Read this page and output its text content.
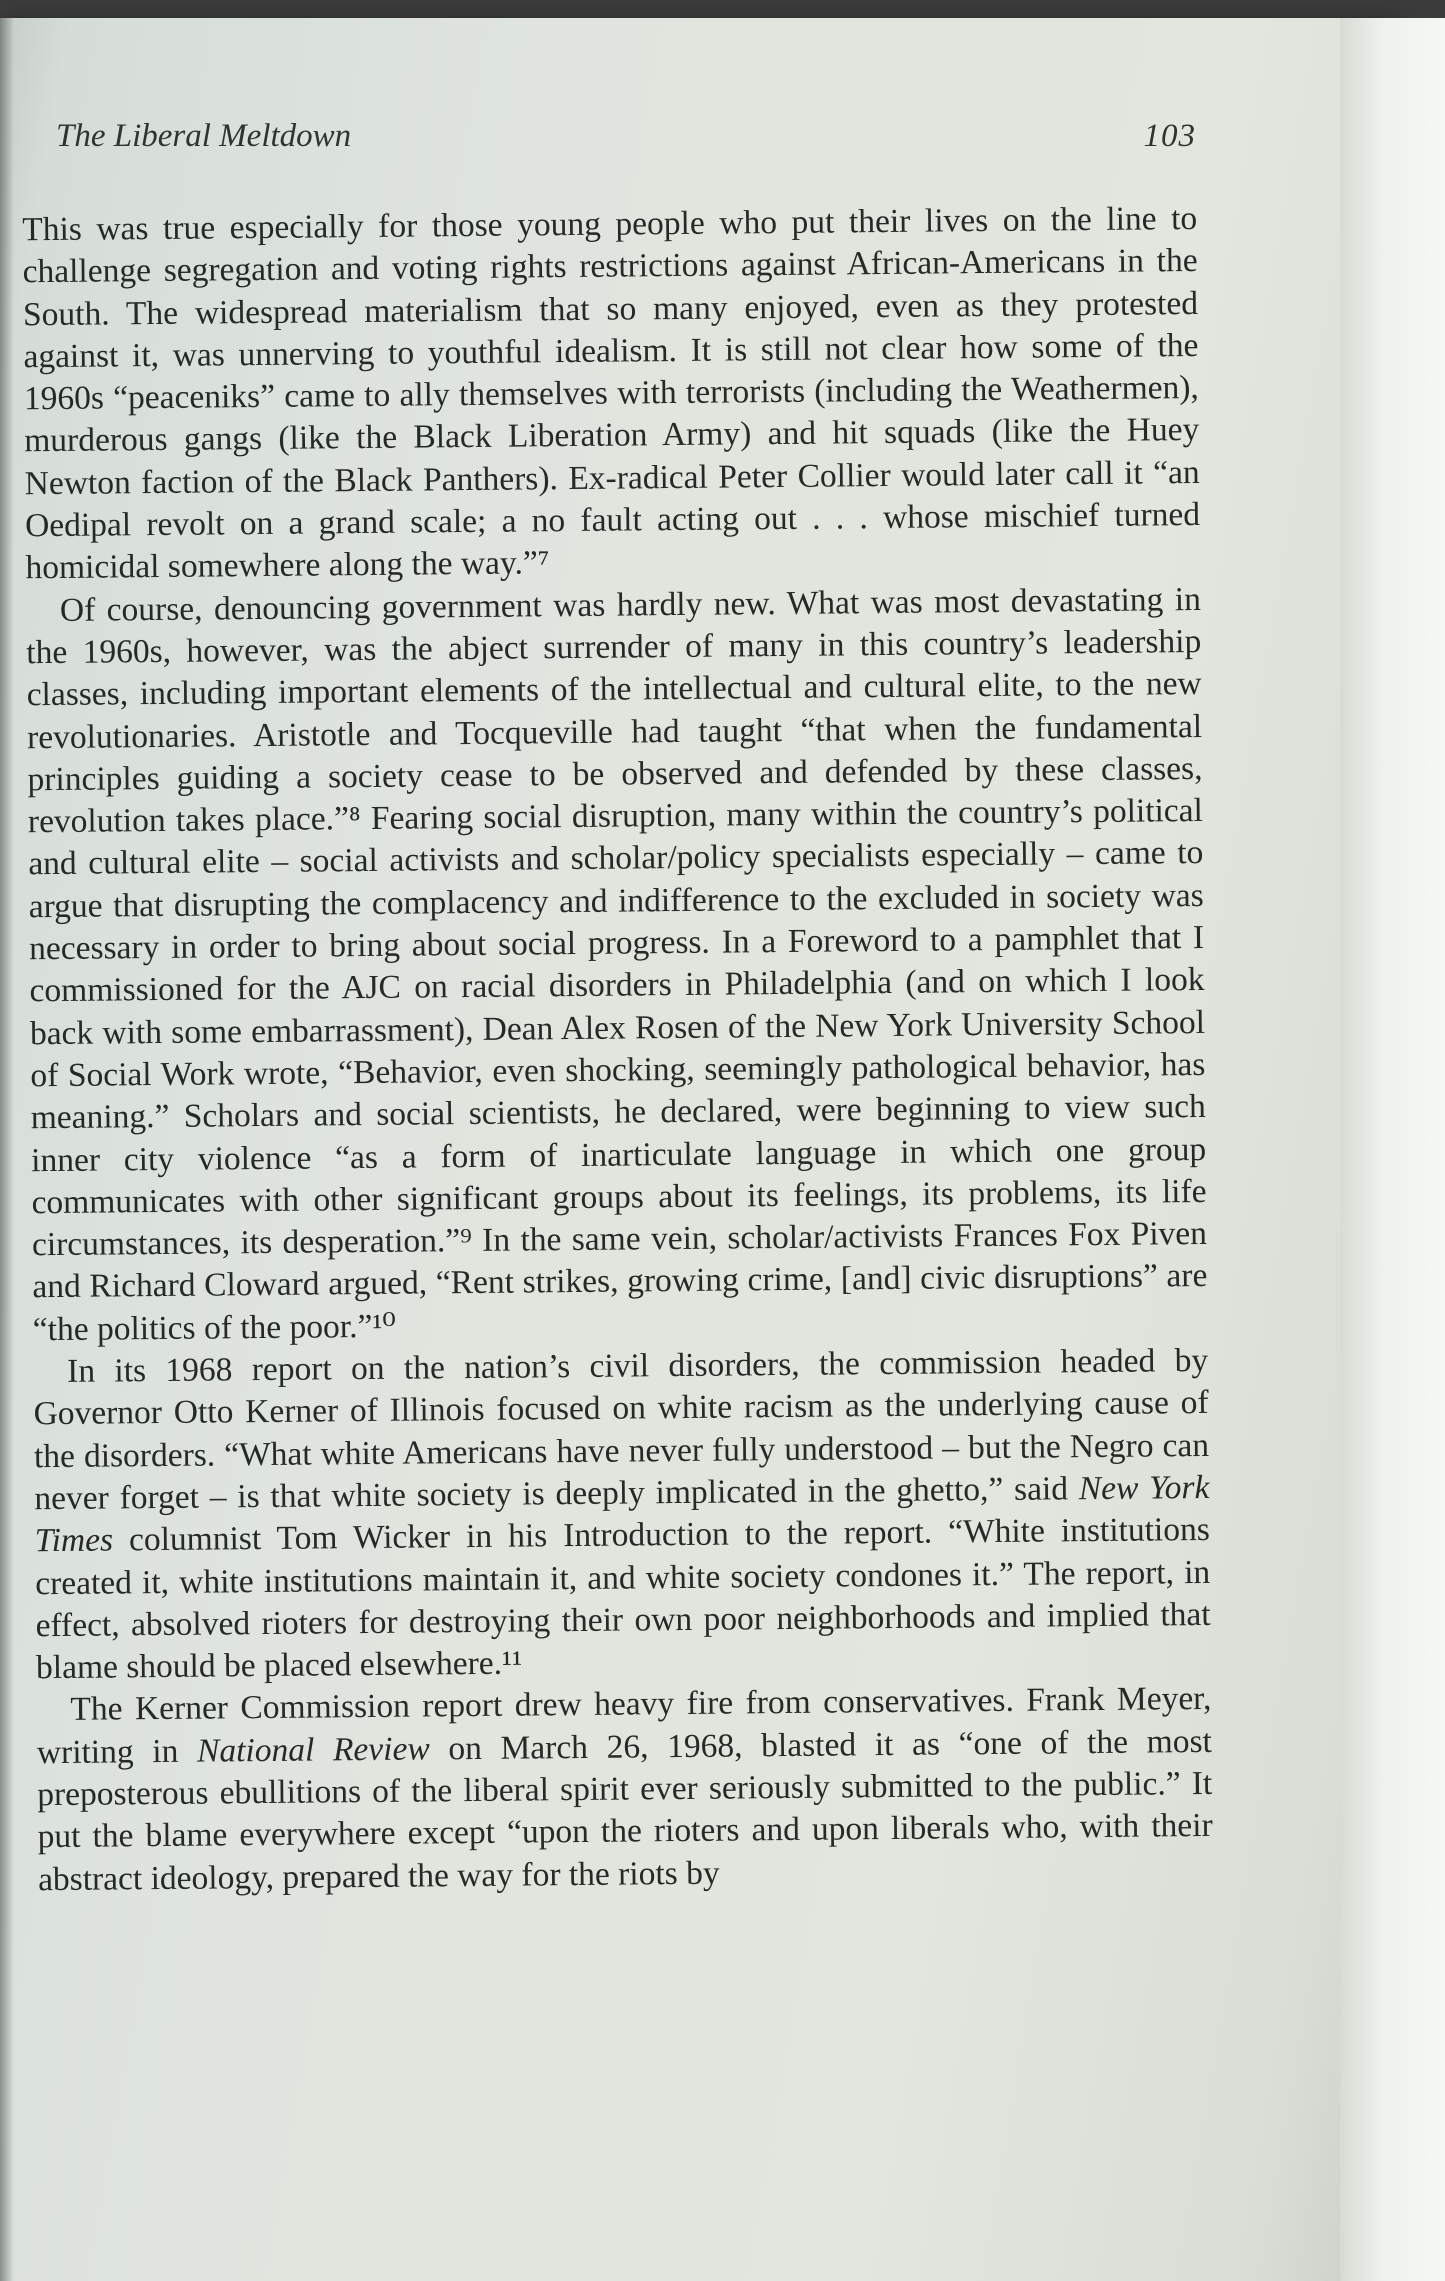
The Liberal Meltdown	103

This was true especially for those young people who put their lives on the line to challenge segregation and voting rights restrictions against African-Americans in the South. The widespread materialism that so many enjoyed, even as they protested against it, was unnerving to youthful idealism. It is still not clear how some of the 1960s “peaceniks” came to ally themselves with terrorists (including the Weathermen), murderous gangs (like the Black Liberation Army) and hit squads (like the Huey Newton faction of the Black Panthers). Ex-radical Peter Collier would later call it “an Oedipal revolt on a grand scale; a no fault acting out . . . whose mischief turned homicidal somewhere along the way.”⁷

Of course, denouncing government was hardly new. What was most devastating in the 1960s, however, was the abject surrender of many in this country’s leadership classes, including important elements of the intellectual and cultural elite, to the new revolutionaries. Aristotle and Tocqueville had taught “that when the fundamental principles guiding a society cease to be observed and defended by these classes, revolution takes place.”⁸ Fearing social disruption, many within the country’s political and cultural elite – social activists and scholar/policy specialists especially – came to argue that disrupting the complacency and indifference to the excluded in society was necessary in order to bring about social progress. In a Foreword to a pamphlet that I commissioned for the AJC on racial disorders in Philadelphia (and on which I look back with some embarrassment), Dean Alex Rosen of the New York University School of Social Work wrote, “Behavior, even shocking, seemingly pathological behavior, has meaning.” Scholars and social scientists, he declared, were beginning to view such inner city violence “as a form of inarticulate language in which one group communicates with other significant groups about its feelings, its problems, its life circumstances, its desperation.”⁹ In the same vein, scholar/activists Frances Fox Piven and Richard Cloward argued, “Rent strikes, growing crime, [and] civic disruptions” are “the politics of the poor.”¹⁰

In its 1968 report on the nation’s civil disorders, the commission headed by Governor Otto Kerner of Illinois focused on white racism as the underlying cause of the disorders. “What white Americans have never fully understood – but the Negro can never forget – is that white society is deeply implicated in the ghetto,” said New York Times columnist Tom Wicker in his Introduction to the report. “White institutions created it, white institutions maintain it, and white society condones it.” The report, in effect, absolved rioters for destroying their own poor neighborhoods and implied that blame should be placed elsewhere.¹¹

The Kerner Commission report drew heavy fire from conservatives. Frank Meyer, writing in National Review on March 26, 1968, blasted it as “one of the most preposterous ebullitions of the liberal spirit ever seriously submitted to the public.” It put the blame everywhere except “upon the rioters and upon liberals who, with their abstract ideology, prepared the way for the riots by
